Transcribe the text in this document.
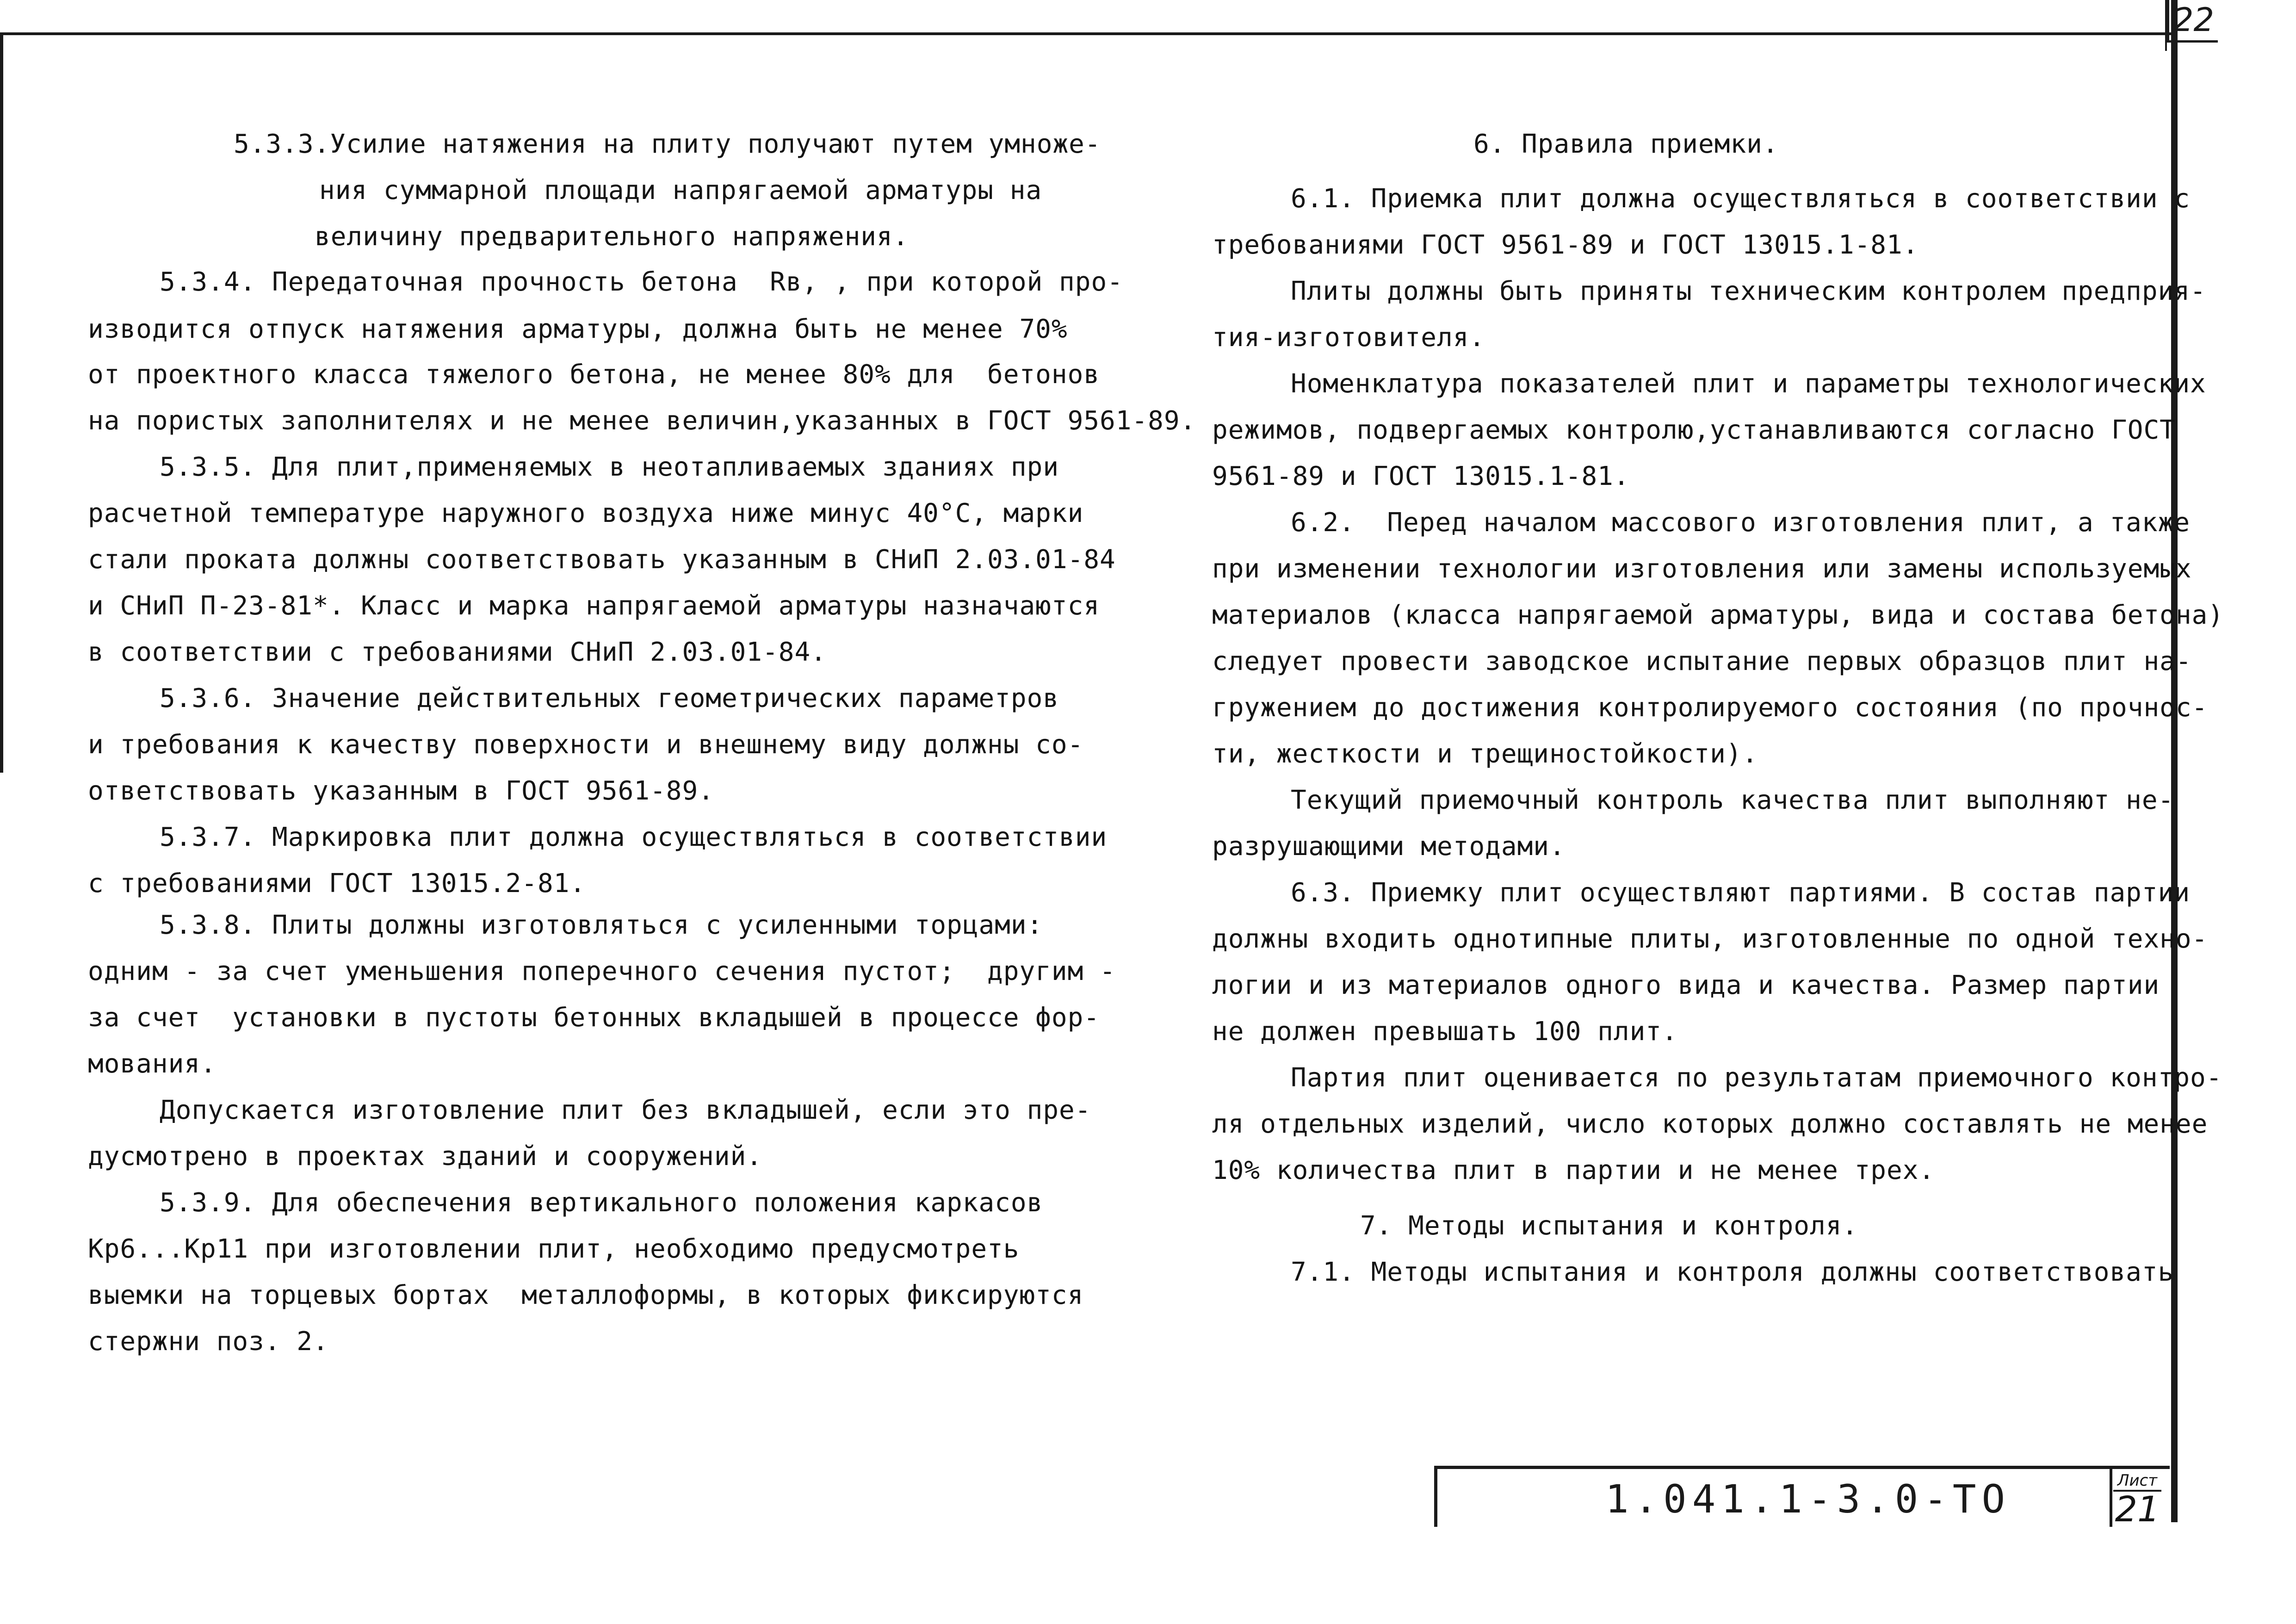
22
5.3.3.Усилие натяжения на плиту получают путем умноже-
ния суммарной площади напрягаемой арматуры на
величину предварительного напряжения.
5.3.4. Передаточная прочность бетона  Rв, , при которой про-
изводится отпуск натяжения арматуры, должна быть не менее 70%
от проектного класса тяжелого бетона, не менее 80% для  бетонов
на пористых заполнителях и не менее величин,указанных в ГОСТ 9561-89.
5.3.5. Для плит,применяемых в неотапливаемых зданиях при
расчетной температуре наружного воздуха ниже минус 40°С, марки
стали проката должны соответствовать указанным в СНиП 2.03.01-84
и СНиП П-23-81*. Класс и марка напрягаемой арматуры назначаются
в соответствии с требованиями СНиП 2.03.01-84.
5.3.6. Значение действительных геометрических параметров
и требования к качеству поверхности и внешнему виду должны со-
ответствовать указанным в ГОСТ 9561-89.
5.3.7. Маркировка плит должна осуществляться в соответствии
с требованиями ГОСТ 13015.2-81.
5.3.8. Плиты должны изготовляться с усиленными торцами:
одним - за счет уменьшения поперечного сечения пустот;  другим -
за счет  установки в пустоты бетонных вкладышей в процессе фор-
мования.
Допускается изготовление плит без вкладышей, если это пре-
дусмотрено в проектах зданий и сооружений.
5.3.9. Для обеспечения вертикального положения каркасов
Кр6...Кр11 при изготовлении плит, необходимо предусмотреть
выемки на торцевых бортах  металлоформы, в которых фиксируются
стержни поз. 2.
6. Правила приемки.
6.1. Приемка плит должна осуществляться в соответствии с
требованиями ГОСТ 9561-89 и ГОСТ 13015.1-81.
Плиты должны быть приняты техническим контролем предприя-
тия-изготовителя.
Номенклатура показателей плит и параметры технологических
режимов, подвергаемых контролю,устанавливаются согласно ГОСТ
9561-89 и ГОСТ 13015.1-81.
6.2.  Перед началом массового изготовления плит, а также
при изменении технологии изготовления или замены используемых
материалов (класса напрягаемой арматуры, вида и состава бетона)
следует провести заводское испытание первых образцов плит на-
гружением до достижения контролируемого состояния (по прочнос-
ти, жесткости и трещиностойкости).
Текущий приемочный контроль качества плит выполняют не-
разрушающими методами.
6.3. Приемку плит осуществляют партиями. В состав партии
должны входить однотипные плиты, изготовленные по одной техно-
логии и из материалов одного вида и качества. Размер партии
не должен превышать 100 плит.
Партия плит оценивается по результатам приемочного контро-
ля отдельных изделий, число которых должно составлять не менее
10% количества плит в партии и не менее трех.
7. Методы испытания и контроля.
7.1. Методы испытания и контроля должны соответствовать
1.041.1-3.0-ТО	Лист
21
